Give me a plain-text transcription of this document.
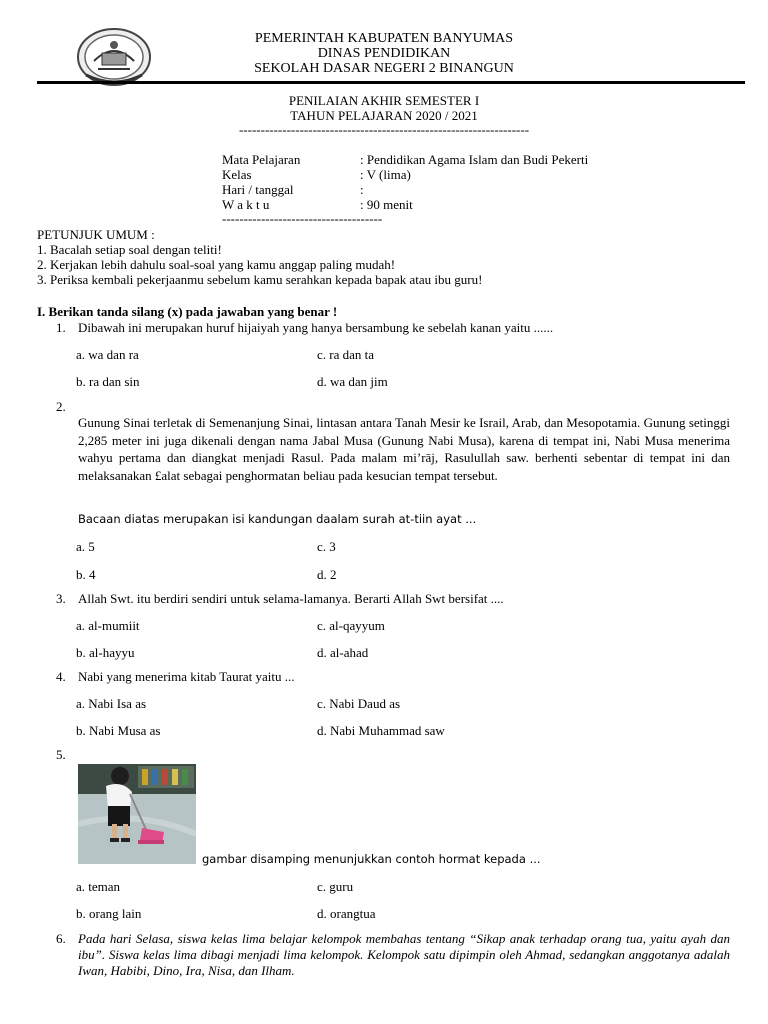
PEMERINTAH KABUPATEN BANYUMAS
DINAS PENDIDIKAN
SEKOLAH DASAR NEGERI 2 BINANGUN
PENILAIAN AKHIR SEMESTER I
TAHUN PELAJARAN 2020 / 2021
-------------------------------------------------------------------
Mata Pelajaran	: Pendidikan Agama Islam dan Budi Pekerti
Kelas	: V (lima)
Hari / tanggal	:
W a k t u	: 90 menit
-------------------------------------
PETUNJUK UMUM :
1. Bacalah setiap soal dengan teliti!
2. Kerjakan lebih dahulu soal-soal yang kamu anggap paling mudah!
3. Periksa kembali pekerjaanmu sebelum kamu serahkan kepada bapak atau ibu guru!
I. Berikan tanda silang (x) pada jawaban yang benar !
1. Dibawah ini merupakan huruf hijaiyah yang hanya bersambung ke sebelah kanan yaitu ......
a. wa dan ra	c. ra dan ta
b. ra dan sin	d. wa dan jim
2.
Gunung Sinai terletak di Semenanjung Sinai, lintasan antara Tanah Mesir ke Israil, Arab, dan Mesopotamia. Gunung setinggi 2,285 meter ini juga dikenali dengan nama Jabal Musa (Gunung Nabi Musa), karena di tempat ini, Nabi Musa menerima wahyu pertama dan diangkat menjadi Rasul. Pada malam mi’rāj, Rasulullah saw. berhenti sebentar di tempat ini dan melaksanakan £alat sebagai penghormatan beliau pada kesucian tempat tersebut.
Bacaan diatas merupakan isi kandungan daalam surah at-tiin ayat ...
a. 5	c. 3
b. 4	d. 2
3. Allah Swt. itu berdiri sendiri untuk selama-lamanya. Berarti Allah Swt bersifat ....
a. al-mumiit	c. al-qayyum
b. al-hayyu	d. al-ahad
4. Nabi yang menerima kitab Taurat yaitu ...
a. Nabi Isa as	c. Nabi Daud as
b. Nabi Musa as	d. Nabi Muhammad saw
5.
gambar disamping menunjukkan contoh hormat kepada ...
a. teman	c. guru
b. orang lain	d. orangtua
6. Pada hari Selasa, siswa kelas lima belajar kelompok membahas tentang “Sikap anak terhadap orang tua, yaitu ayah dan ibu”. Siswa kelas lima dibagi menjadi lima kelompok. Kelompok satu dipimpin oleh Ahmad, sedangkan anggotanya adalah Iwan, Habibi, Dino, Ira, Nisa, dan Ilham.
